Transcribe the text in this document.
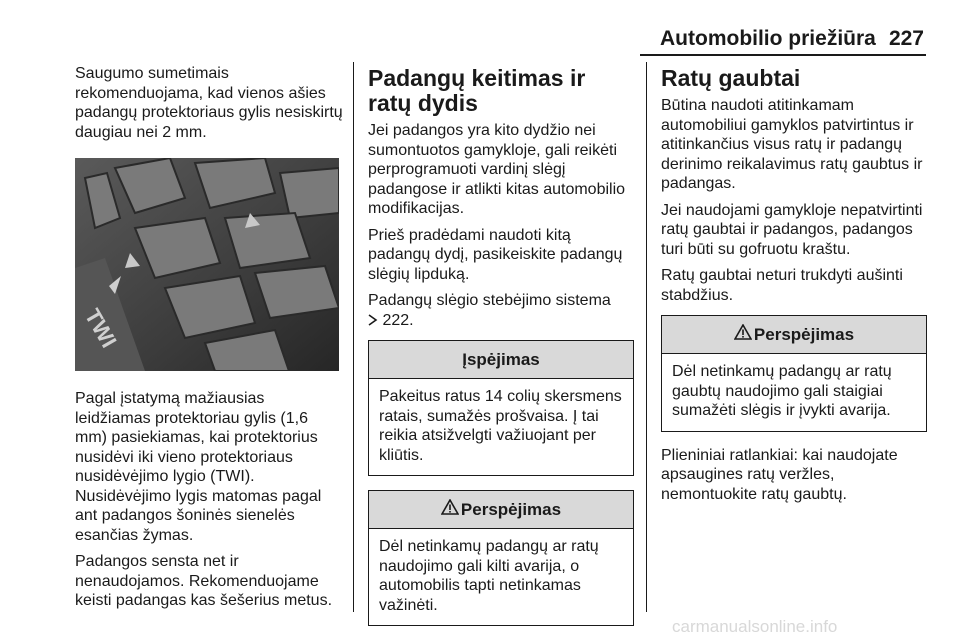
Automobilio priežiūra 227

Saugumo sumetimais rekomenduojama, kad vienos ašies padangų protektoriaus gylis nesiskirtų daugiau nei 2 mm.

TWI

Pagal įstatymą mažiausias leidžiamas protektoriau gylis (1,6 mm) pasiekiamas, kai protektorius nusidėvi iki vieno protektoriaus nusidėvėjimo lygio (TWI). Nusidėvėjimo lygis matomas pagal ant padangos šoninės sienelės esančias žymas.

Padangos sensta net ir nenaudojamos. Rekomenduojame keisti padangas kas šešerius metus.

Padangų keitimas ir ratų dydis

Jei padangos yra kito dydžio nei sumontuotos gamykloje, gali reikėti perprogramuoti vardinį slėgį padangose ir atlikti kitas automobilio modifikacijas.

Prieš pradėdami naudoti kitą padangų dydį, pasikeiskite padangų slėgių lipduką.

Padangų slėgio stebėjimo sistema
222.

Įspėjimas
Pakeitus ratus 14 colių skersmens ratais, sumažės prošvaisa. Į tai reikia atsižvelgti važiuojant per kliūtis.
Perspėjimas
Dėl netinkamų padangų ar ratų naudojimo gali kilti avarija, o automobilis tapti netinkamas važinėti.
Ratų gaubtai

Būtina naudoti atitinkamam automobiliui gamyklos patvirtintus ir atitinkančius visus ratų ir padangų derinimo reikalavimus ratų gaubtus ir padangas.

Jei naudojami gamykloje nepatvirtinti ratų gaubtai ir padangos, padangos turi būti su gofruotu kraštu.

Ratų gaubtai neturi trukdyti aušinti stabdžius.

Perspėjimas
Dėl netinkamų padangų ar ratų gaubtų naudojimo gali staigiai sumažėti slėgis ir įvykti avarija.

Plieniniai ratlankiai: kai naudojate apsaugines ratų veržles, nemontuokite ratų gaubtų.

carmanualsonline.info
